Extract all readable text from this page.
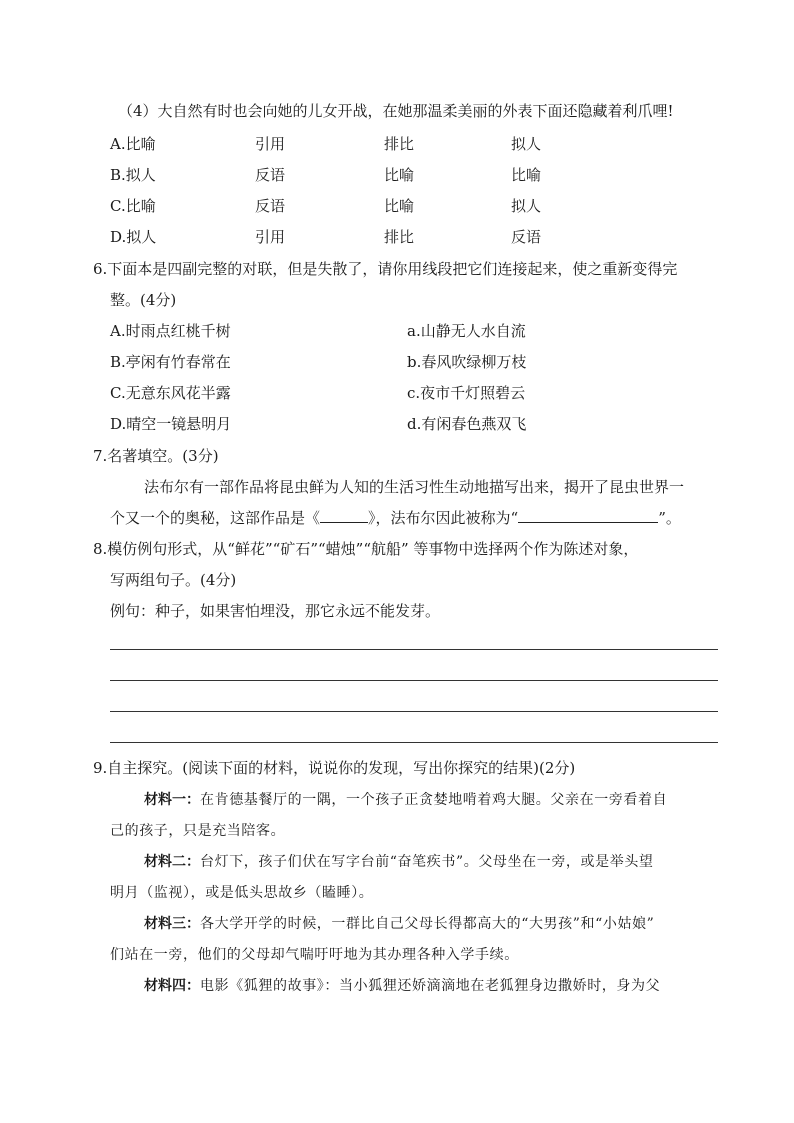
（4）大自然有时也会向她的儿女开战，在她那温柔美丽的外表下面还隐藏着利爪哩!
A.比喻	引用	排比	拟人
B.拟人	反语	比喻	比喻
C.比喻	反语	比喻	拟人
D.拟人	引用	排比	反语
6.下面本是四副完整的对联，但是失散了，请你用线段把它们连接起来，使之重新变得完
整。(4分)
A.时雨点红桃千树	a.山静无人水自流
B.亭闲有竹春常在	b.春风吹绿柳万枝
C.无意东风花半露	c.夜市千灯照碧云
D.晴空一镜悬明月	d.有闲春色燕双飞
7.名著填空。(3分)
法布尔有一部作品将昆虫鲜为人知的生活习性生动地描写出来，揭开了昆虫世界一
个又一个的奥秘，这部作品是《	》，法布尔因此被称为“	”。
8.模仿例句形式，从“鲜花”“矿石”“蜡烛”“航船” 等事物中选择两个作为陈述对象，
写两组句子。(4分)
例句：种子，如果害怕埋没，那它永远不能发芽。
9.自主探究。(阅读下面的材料，说说你的发现，写出你探究的结果)(2分)
材料一：在肯德基餐厅的一隅，一个孩子正贪婪地啃着鸡大腿。父亲在一旁看着自
己的孩子，只是充当陪客。
材料二：台灯下，孩子们伏在写字台前“奋笔疾书”。父母坐在一旁，或是举头望
明月（监视），或是低头思故乡（瞌睡）。
材料三：各大学开学的时候，一群比自己父母长得都高大的“大男孩”和“小姑娘”
们站在一旁，他们的父母却气喘吁吁地为其办理各种入学手续。
材料四：电影《狐狸的故事》：当小狐狸还娇滴滴地在老狐狸身边撒娇时，身为父
